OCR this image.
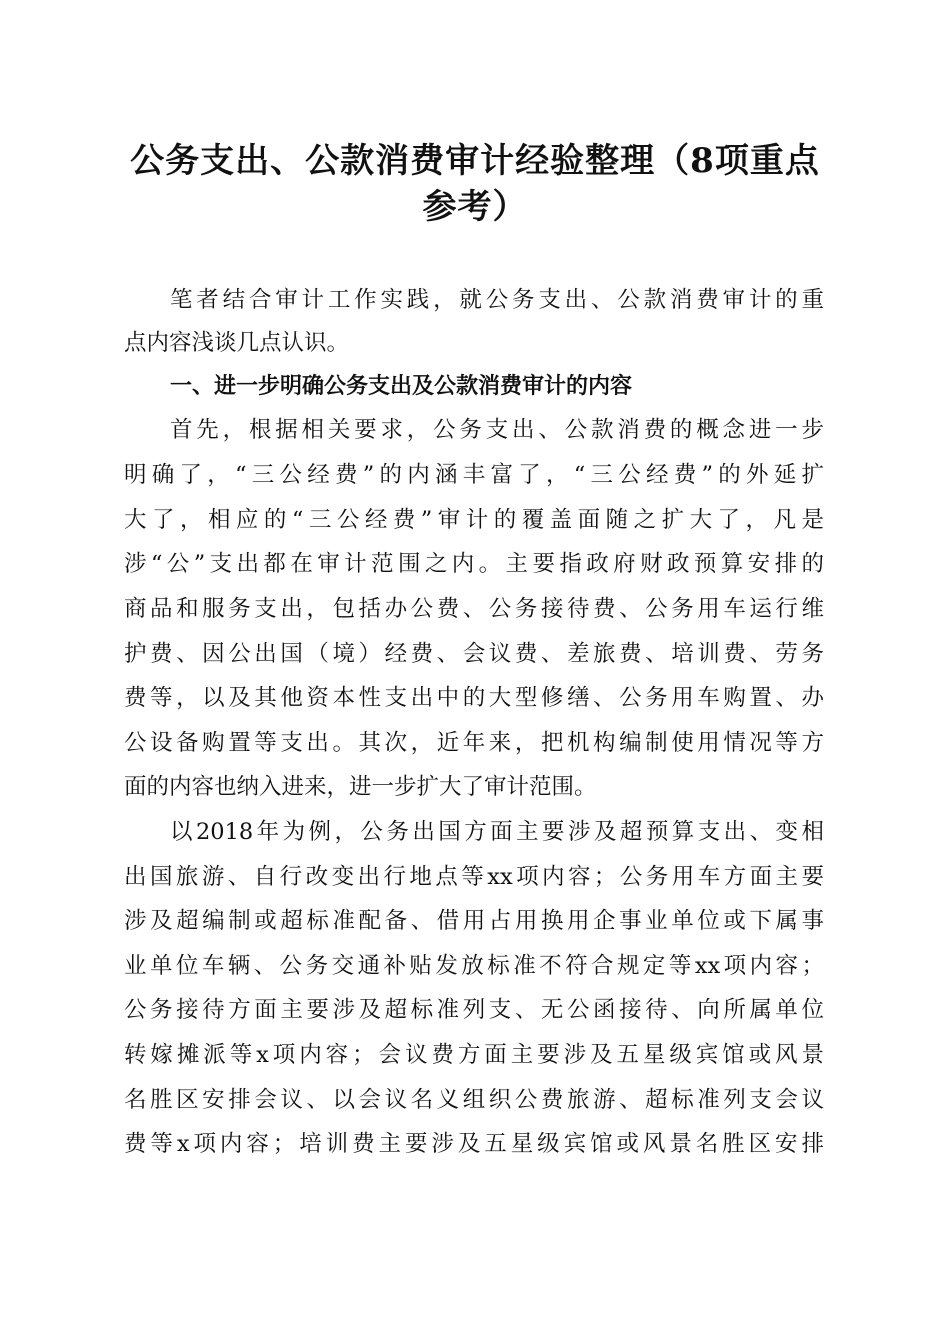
公务支出、公款消费审计经验整理（8项重点
参考）

笔者结合审计工作实践，就公务支出、公款消费审计的重

点内容浅谈几点认识。

一、进一步明确公务支出及公款消费审计的内容

首先，根据相关要求，公务支出、公款消费的概念进一步

明确了，“三公经费”的内涵丰富了，“三公经费”的外延扩

大了，相应的“三公经费”审计的覆盖面随之扩大了，凡是

涉“公”支出都在审计范围之内。主要指政府财政预算安排的

商品和服务支出，包括办公费、公务接待费、公务用车运行维

护费、因公出国（境）经费、会议费、差旅费、培训费、劳务

费等，以及其他资本性支出中的大型修缮、公务用车购置、办

公设备购置等支出。其次，近年来，把机构编制使用情况等方

面的内容也纳入进来，进一步扩大了审计范围。

以2018年为例，公务出国方面主要涉及超预算支出、变相

出国旅游、自行改变出行地点等xx项内容；公务用车方面主要

涉及超编制或超标准配备、借用占用换用企事业单位或下属事

业单位车辆、公务交通补贴发放标准不符合规定等xx项内容；

公务接待方面主要涉及超标准列支、无公函接待、向所属单位

转嫁摊派等x项内容；会议费方面主要涉及五星级宾馆或风景

名胜区安排会议、以会议名义组织公费旅游、超标准列支会议

费等x项内容；培训费主要涉及五星级宾馆或风景名胜区安排
